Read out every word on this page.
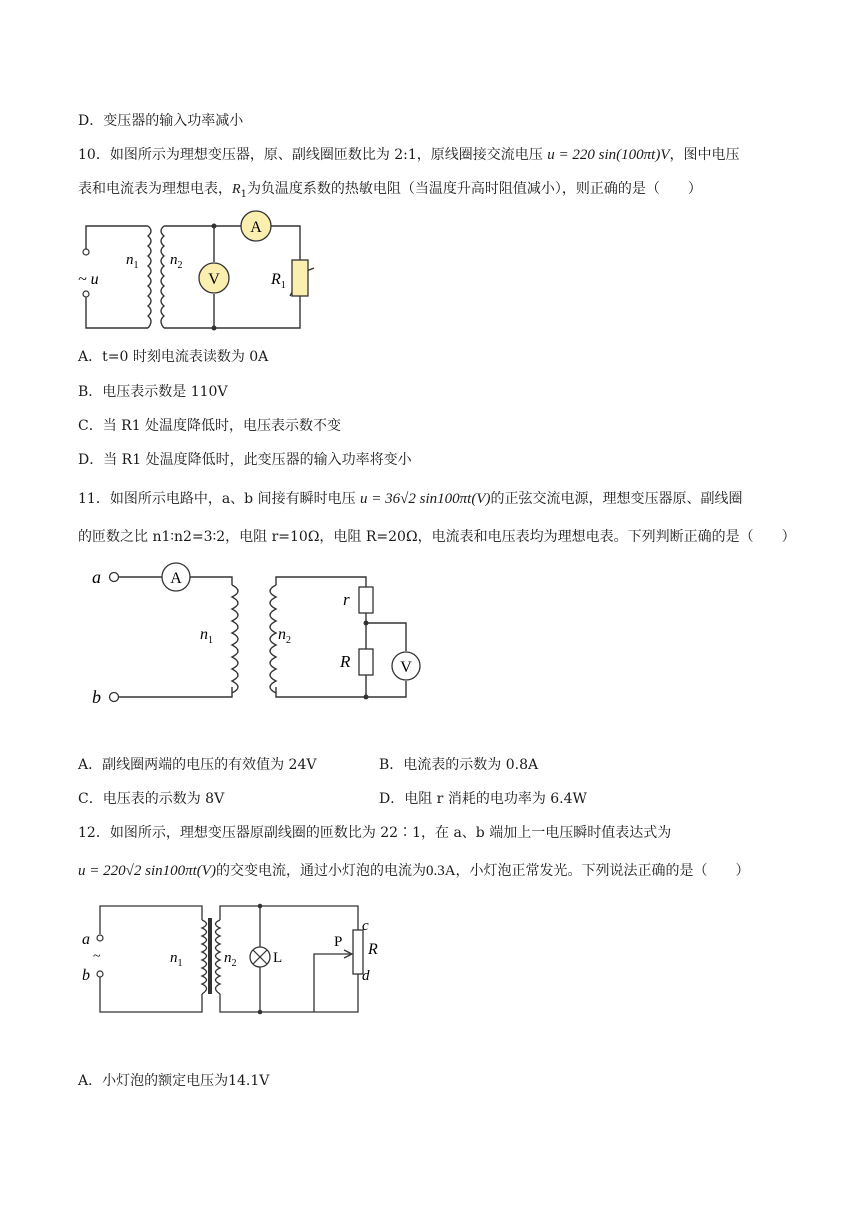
D．变压器的输入功率减小
10．如图所示为理想变压器，原、副线圈匝数比为 2:1，原线圈接交流电压 u = 220 sin(100πt)V，图中电压
表和电流表为理想电表，$R_1$为负温度系数的热敏电阻（当温度升高时阻值减小），则正确的是（　　）
V
A
~ u
$n_1$ $n_2$
$R_1$
A．t=0 时刻电流表读数为 0A
B．电压表示数是 110V
C．当 R1 处温度降低时，电压表示数不变
D．当 R1 处温度降低时，此变压器的输入功率将变小
11．如图所示电路中，a、b 间接有瞬时电压 u = 36√2 sin100πt(V)的正弦交流电源，理想变压器原、副线圈
的匝数之比 n1∶n2=3∶2，电阻 r=10Ω，电阻 R=20Ω，电流表和电压表均为理想电表。下列判断正确的是（　　）
A
V
a
b
$n_1$	$n_2$
r
R
A．副线圈两端的电压的有效值为 24V	B．电流表的示数为 0.8A
C．电压表的示数为 8V	D．电阻 r 消耗的电功率为 6.4W
12．如图所示，理想变压器原副线圈的匝数比为 22∶1，在 a、b 端加上一电压瞬时值表达式为
u = 220√2 sin100πt(V)的交变电流，通过小灯泡的电流为0.3A，小灯泡正常发光。下列说法正确的是（　　）
a
~
b
$n_1$	$n_2$ L
P
c
R
d
A．小灯泡的额定电压为14.1V
